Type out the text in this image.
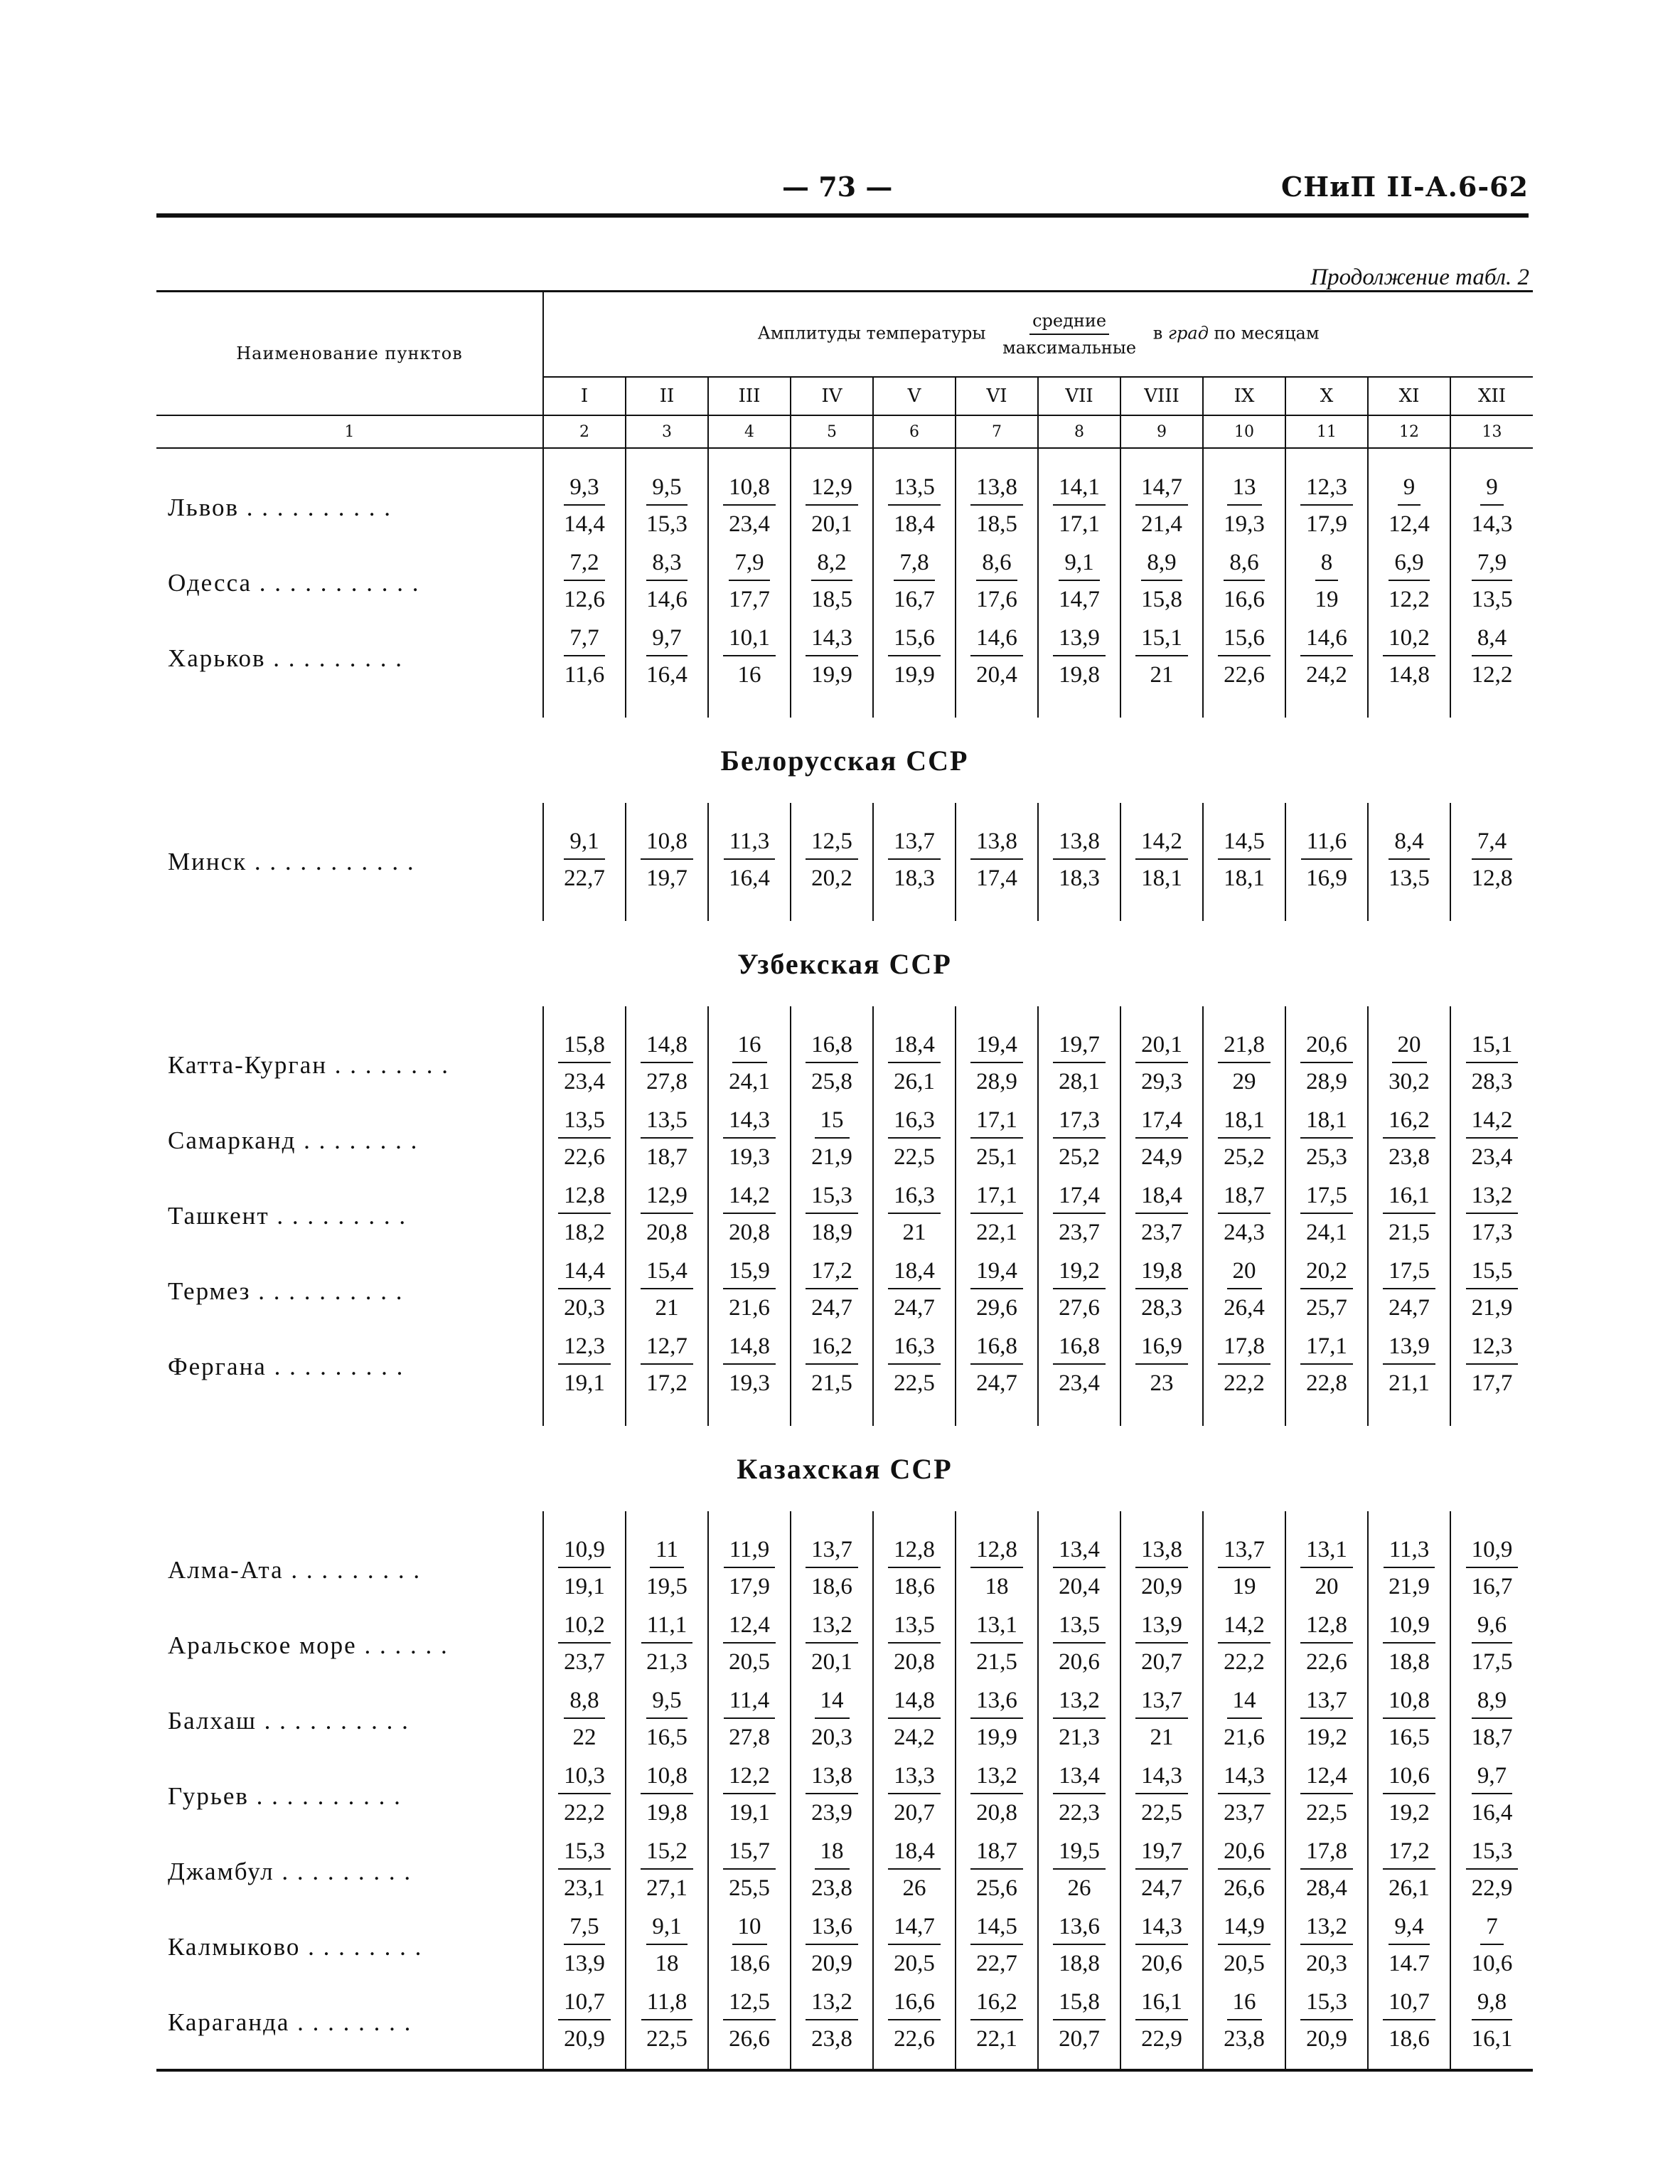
— 73 —	СНиП II-А.6-62
Продолжение табл. 2
Наименование пунктов	Амплитуды температуры $\frac{\text{средние}}{\text{максимальные}}$ в град по месяцам											
	I	II	III	IV	V	VI	VII	VIII	IX	X	XI	XII
1	2	3	4	5	6	7	8	9	10	11	12	13

Львов . . . . . . . . . .	$\frac{9,3}{14,4}$	$\frac{9,5}{15,3}$	$\frac{10,8}{23,4}$	$\frac{12,9}{20,1}$	$\frac{13,5}{18,4}$	$\frac{13,8}{18,5}$	$\frac{14,1}{17,1}$	$\frac{14,7}{21,4}$	$\frac{13}{19,3}$	$\frac{12,3}{17,9}$	$\frac{9}{12,4}$	$\frac{9}{14,3}$

Одесса . . . . . . . . . . .	$\frac{7,2}{12,6}$	$\frac{8,3}{14,6}$	$\frac{7,9}{17,7}$	$\frac{8,2}{18,5}$	$\frac{7,8}{16,7}$	$\frac{8,6}{17,6}$	$\frac{9,1}{14,7}$	$\frac{8,9}{15,8}$	$\frac{8,6}{16,6}$	$\frac{8}{19}$	$\frac{6,9}{12,2}$	$\frac{7,9}{13,5}$

Харьков . . . . . . . . .	$\frac{7,7}{11,6}$	$\frac{9,7}{16,4}$	$\frac{10,1}{16}$	$\frac{14,3}{19,9}$	$\frac{15,6}{19,9}$	$\frac{14,6}{20,4}$	$\frac{13,9}{19,8}$	$\frac{15,1}{21}$	$\frac{15,6}{22,6}$	$\frac{14,6}{24,2}$	$\frac{10,2}{14,8}$	$\frac{8,4}{12,2}$

Белорусская ССР												

Минск . . . . . . . . . . .	$\frac{9,1}{22,7}$	$\frac{10,8}{19,7}$	$\frac{11,3}{16,4}$	$\frac{12,5}{20,2}$	$\frac{13,7}{18,3}$	$\frac{13,8}{17,4}$	$\frac{13,8}{18,3}$	$\frac{14,2}{18,1}$	$\frac{14,5}{18,1}$	$\frac{11,6}{16,9}$	$\frac{8,4}{13,5}$	$\frac{7,4}{12,8}$

Узбекская ССР												

Катта-Курган . . . . . . . .	$\frac{15,8}{23,4}$	$\frac{14,8}{27,8}$	$\frac{16}{24,1}$	$\frac{16,8}{25,8}$	$\frac{18,4}{26,1}$	$\frac{19,4}{28,9}$	$\frac{19,7}{28,1}$	$\frac{20,1}{29,3}$	$\frac{21,8}{29}$	$\frac{20,6}{28,9}$	$\frac{20}{30,2}$	$\frac{15,1}{28,3}$

Самарканд . . . . . . . .	$\frac{13,5}{22,6}$	$\frac{13,5}{18,7}$	$\frac{14,3}{19,3}$	$\frac{15}{21,9}$	$\frac{16,3}{22,5}$	$\frac{17,1}{25,1}$	$\frac{17,3}{25,2}$	$\frac{17,4}{24,9}$	$\frac{18,1}{25,2}$	$\frac{18,1}{25,3}$	$\frac{16,2}{23,8}$	$\frac{14,2}{23,4}$

Ташкент . . . . . . . . .	$\frac{12,8}{18,2}$	$\frac{12,9}{20,8}$	$\frac{14,2}{20,8}$	$\frac{15,3}{18,9}$	$\frac{16,3}{21}$	$\frac{17,1}{22,1}$	$\frac{17,4}{23,7}$	$\frac{18,4}{23,7}$	$\frac{18,7}{24,3}$	$\frac{17,5}{24,1}$	$\frac{16,1}{21,5}$	$\frac{13,2}{17,3}$

Термез . . . . . . . . . .	$\frac{14,4}{20,3}$	$\frac{15,4}{21}$	$\frac{15,9}{21,6}$	$\frac{17,2}{24,7}$	$\frac{18,4}{24,7}$	$\frac{19,4}{29,6}$	$\frac{19,2}{27,6}$	$\frac{19,8}{28,3}$	$\frac{20}{26,4}$	$\frac{20,2}{25,7}$	$\frac{17,5}{24,7}$	$\frac{15,5}{21,9}$

Фергана . . . . . . . . .	$\frac{12,3}{19,1}$	$\frac{12,7}{17,2}$	$\frac{14,8}{19,3}$	$\frac{16,2}{21,5}$	$\frac{16,3}{22,5}$	$\frac{16,8}{24,7}$	$\frac{16,8}{23,4}$	$\frac{16,9}{23}$	$\frac{17,8}{22,2}$	$\frac{17,1}{22,8}$	$\frac{13,9}{21,1}$	$\frac{12,3}{17,7}$

Казахская ССР												

Алма-Ата . . . . . . . . .	$\frac{10,9}{19,1}$	$\frac{11}{19,5}$	$\frac{11,9}{17,9}$	$\frac{13,7}{18,6}$	$\frac{12,8}{18,6}$	$\frac{12,8}{18}$	$\frac{13,4}{20,4}$	$\frac{13,8}{20,9}$	$\frac{13,7}{19}$	$\frac{13,1}{20}$	$\frac{11,3}{21,9}$	$\frac{10,9}{16,7}$

Аральское море . . . . . .	$\frac{10,2}{23,7}$	$\frac{11,1}{21,3}$	$\frac{12,4}{20,5}$	$\frac{13,2}{20,1}$	$\frac{13,5}{20,8}$	$\frac{13,1}{21,5}$	$\frac{13,5}{20,6}$	$\frac{13,9}{20,7}$	$\frac{14,2}{22,2}$	$\frac{12,8}{22,6}$	$\frac{10,9}{18,8}$	$\frac{9,6}{17,5}$

Балхаш . . . . . . . . . .	$\frac{8,8}{22}$	$\frac{9,5}{16,5}$	$\frac{11,4}{27,8}$	$\frac{14}{20,3}$	$\frac{14,8}{24,2}$	$\frac{13,6}{19,9}$	$\frac{13,2}{21,3}$	$\frac{13,7}{21}$	$\frac{14}{21,6}$	$\frac{13,7}{19,2}$	$\frac{10,8}{16,5}$	$\frac{8,9}{18,7}$

Гурьев . . . . . . . . . .	$\frac{10,3}{22,2}$	$\frac{10,8}{19,8}$	$\frac{12,2}{19,1}$	$\frac{13,8}{23,9}$	$\frac{13,3}{20,7}$	$\frac{13,2}{20,8}$	$\frac{13,4}{22,3}$	$\frac{14,3}{22,5}$	$\frac{14,3}{23,7}$	$\frac{12,4}{22,5}$	$\frac{10,6}{19,2}$	$\frac{9,7}{16,4}$

Джамбул . . . . . . . . .	$\frac{15,3}{23,1}$	$\frac{15,2}{27,1}$	$\frac{15,7}{25,5}$	$\frac{18}{23,8}$	$\frac{18,4}{26}$	$\frac{18,7}{25,6}$	$\frac{19,5}{26}$	$\frac{19,7}{24,7}$	$\frac{20,6}{26,6}$	$\frac{17,8}{28,4}$	$\frac{17,2}{26,1}$	$\frac{15,3}{22,9}$

Калмыково . . . . . . . .	$\frac{7,5}{13,9}$	$\frac{9,1}{18}$	$\frac{10}{18,6}$	$\frac{13,6}{20,9}$	$\frac{14,7}{20,5}$	$\frac{14,5}{22,7}$	$\frac{13,6}{18,8}$	$\frac{14,3}{20,6}$	$\frac{14,9}{20,5}$	$\frac{13,2}{20,3}$	$\frac{9,4}{14.7}$	$\frac{7}{10,6}$

Караганда . . . . . . . .	$\frac{10,7}{20,9}$	$\frac{11,8}{22,5}$	$\frac{12,5}{26,6}$	$\frac{13,2}{23,8}$	$\frac{16,6}{22,6}$	$\frac{16,2}{22,1}$	$\frac{15,8}{20,7}$	$\frac{16,1}{22,9}$	$\frac{16}{23,8}$	$\frac{15,3}{20,9}$	$\frac{10,7}{18,6}$	$\frac{9,8}{16,1}$
